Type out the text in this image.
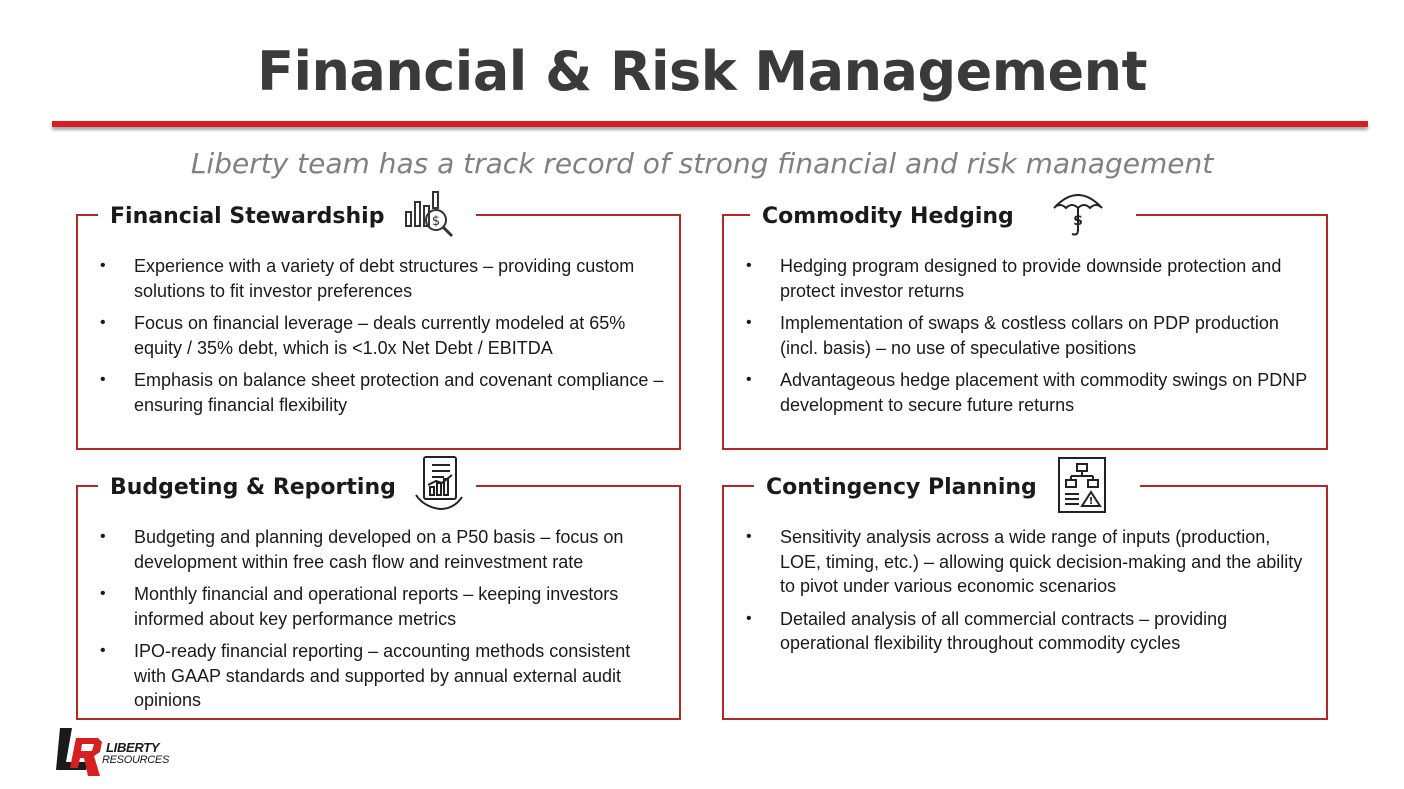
Financial & Risk Management
Liberty team has a track record of strong financial and risk management
Financial Stewardship	$
• Experience with a variety of debt structures – providing custom solutions to fit investor preferences
• Focus on financial leverage – deals currently modeled at 65% equity / 35% debt, which is <1.0x Net Debt / EBITDA
• Emphasis on balance sheet protection and covenant compliance – ensuring financial flexibility
Commodity Hedging	$
• Hedging program designed to provide downside protection and protect investor returns
• Implementation of swaps & costless collars on PDP production (incl. basis) – no use of speculative positions
• Advantageous hedge placement with commodity swings on PDNP development to secure future returns
Budgeting & Reporting
• Budgeting and planning developed on a P50 basis – focus on development within free cash flow and reinvestment rate
• Monthly financial and operational reports – keeping investors informed about key performance metrics
• IPO-ready financial reporting – accounting methods consistent with GAAP standards and supported by annual external audit opinions
Contingency Planning
!
• Sensitivity analysis across a wide range of inputs (production, LOE, timing, etc.) – allowing quick decision-making and the ability to pivot under various economic scenarios
• Detailed analysis of all commercial contracts – providing operational flexibility throughout commodity cycles
LIBERTY
RESOURCES
